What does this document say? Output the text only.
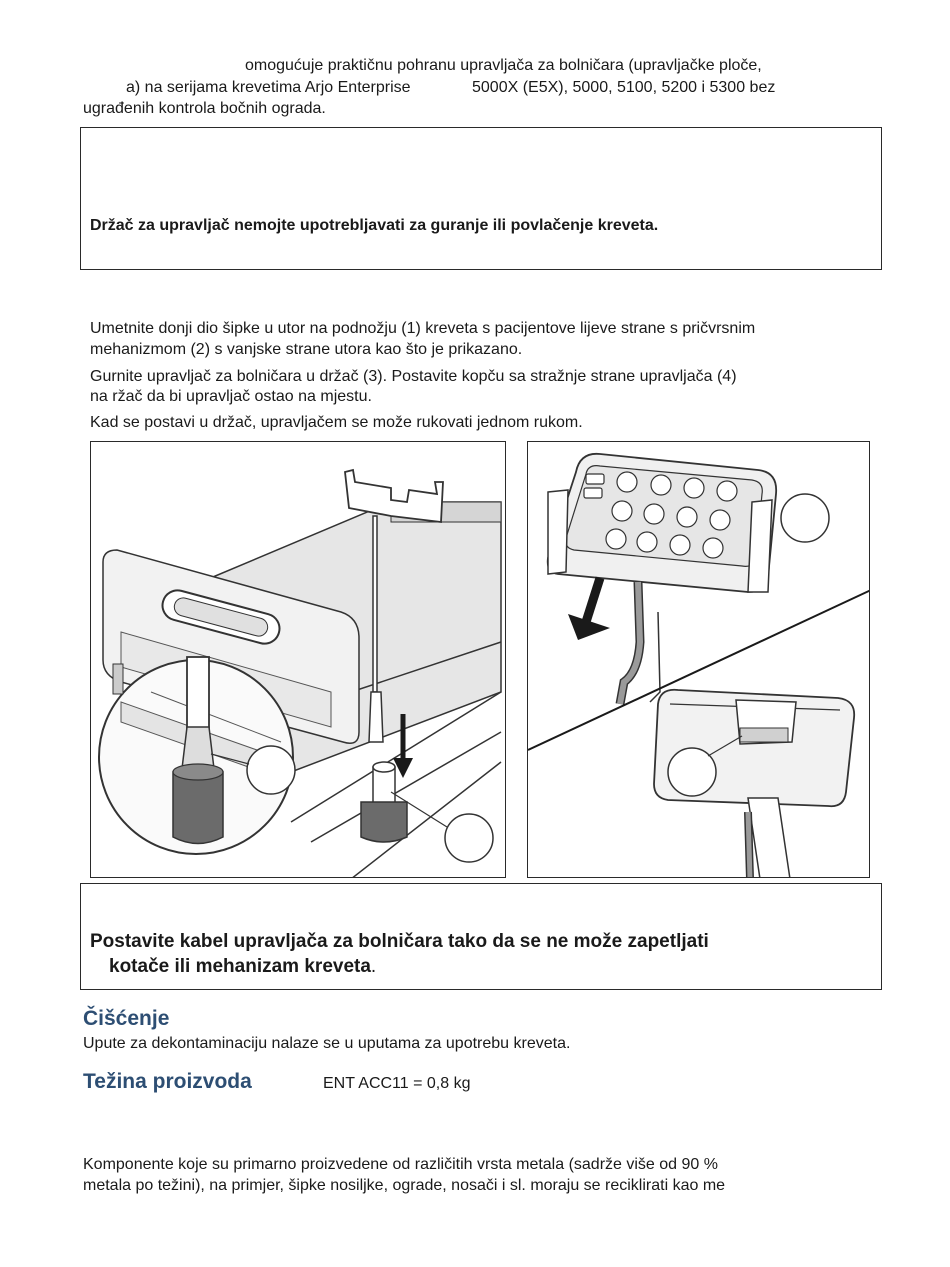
omogućuje praktičnu pohranu upravljača za bolničara (upravljačke ploče,
a) na serijama krevetima Arjo Enterprise	5000X (E5X), 5000, 5100, 5200 i 5300 bez
ugrađenih kontrola bočnih ograda.
Držač za upravljač nemojte upotrebljavati za guranje ili povlačenje kreveta.
Umetnite donji dio šipke u utor na podnožju (1) kreveta s pacijentove lijeve strane s pričvrsnim
mehanizmom (2) s vanjske strane utora kao što je prikazano.
Gurnite upravljač za bolničara u držač (3). Postavite kopču sa stražnje strane upravljača (4)
na ržač da bi upravljač ostao na mjestu.
Kad se postavi u držač, upravljačem se može rukovati jednom rukom.
Postavite kabel upravljača za bolničara tako da se ne može zapetljati
kotače ili mehanizam kreveta.
Čišćenje
Upute za dekontaminaciju nalaze se u uputama za upotrebu kreveta.
Težina proizvoda	ENT ACC11 = 0,8 kg
Komponente koje su primarno proizvedene od različitih vrsta metala (sadrže više od 90 %
metala po težini), na primjer, šipke nosiljke, ograde, nosači i sl. moraju se reciklirati kao me
